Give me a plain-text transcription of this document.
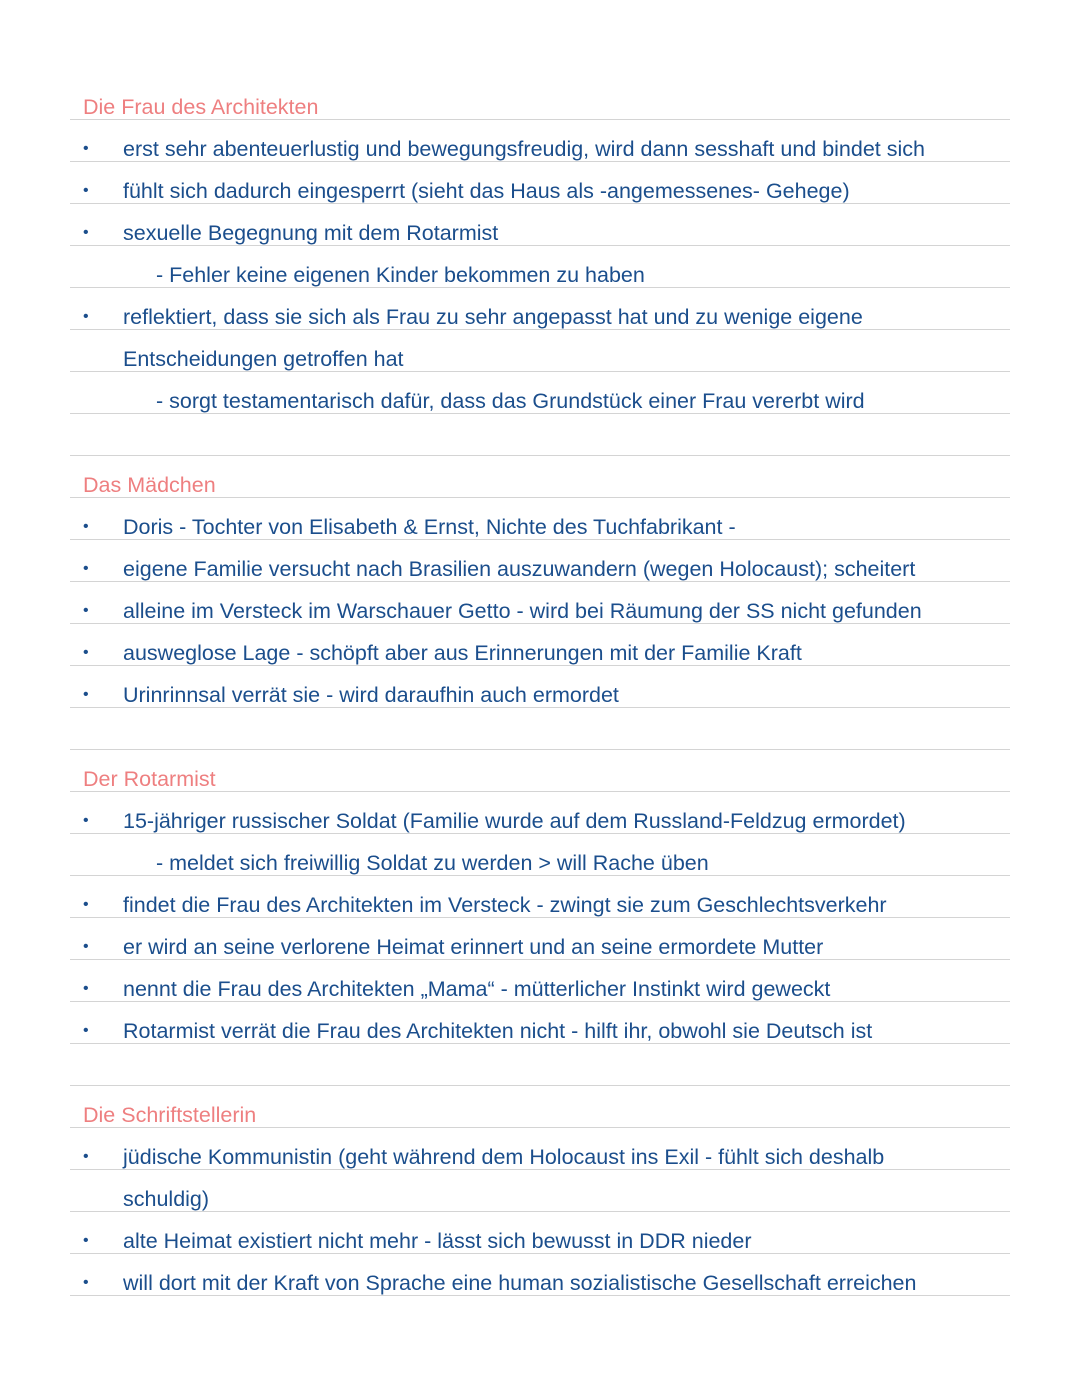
Die Frau des Architekten
• erst sehr abenteuerlustig und bewegungsfreudig, wird dann sesshaft und bindet sich
• fühlt sich dadurch eingesperrt (sieht das Haus als -angemessenes- Gehege)
• sexuelle Begegnung mit dem Rotarmist
- Fehler keine eigenen Kinder bekommen zu haben
• reflektiert, dass sie sich als Frau zu sehr angepasst hat und zu wenige eigene
Entscheidungen getroffen hat
- sorgt testamentarisch dafür, dass das Grundstück einer Frau vererbt wird
Das Mädchen
• Doris - Tochter von Elisabeth & Ernst, Nichte des Tuchfabrikant -
• eigene Familie versucht nach Brasilien auszuwandern (wegen Holocaust); scheitert
• alleine im Versteck im Warschauer Getto - wird bei Räumung der SS nicht gefunden
• ausweglose Lage - schöpft aber aus Erinnerungen mit der Familie Kraft
• Urinrinnsal verrät sie - wird daraufhin auch ermordet
Der Rotarmist
• 15-jähriger russischer Soldat (Familie wurde auf dem Russland-Feldzug ermordet)
- meldet sich freiwillig Soldat zu werden > will Rache üben
• findet die Frau des Architekten im Versteck - zwingt sie zum Geschlechtsverkehr
• er wird an seine verlorene Heimat erinnert und an seine ermordete Mutter
• nennt die Frau des Architekten „Mama“ - mütterlicher Instinkt wird geweckt
• Rotarmist verrät die Frau des Architekten nicht - hilft ihr, obwohl sie Deutsch ist
Die Schriftstellerin
• jüdische Kommunistin (geht während dem Holocaust ins Exil - fühlt sich deshalb
schuldig)
• alte Heimat existiert nicht mehr - lässt sich bewusst in DDR nieder
• will dort mit der Kraft von Sprache eine human sozialistische Gesellschaft erreichen
